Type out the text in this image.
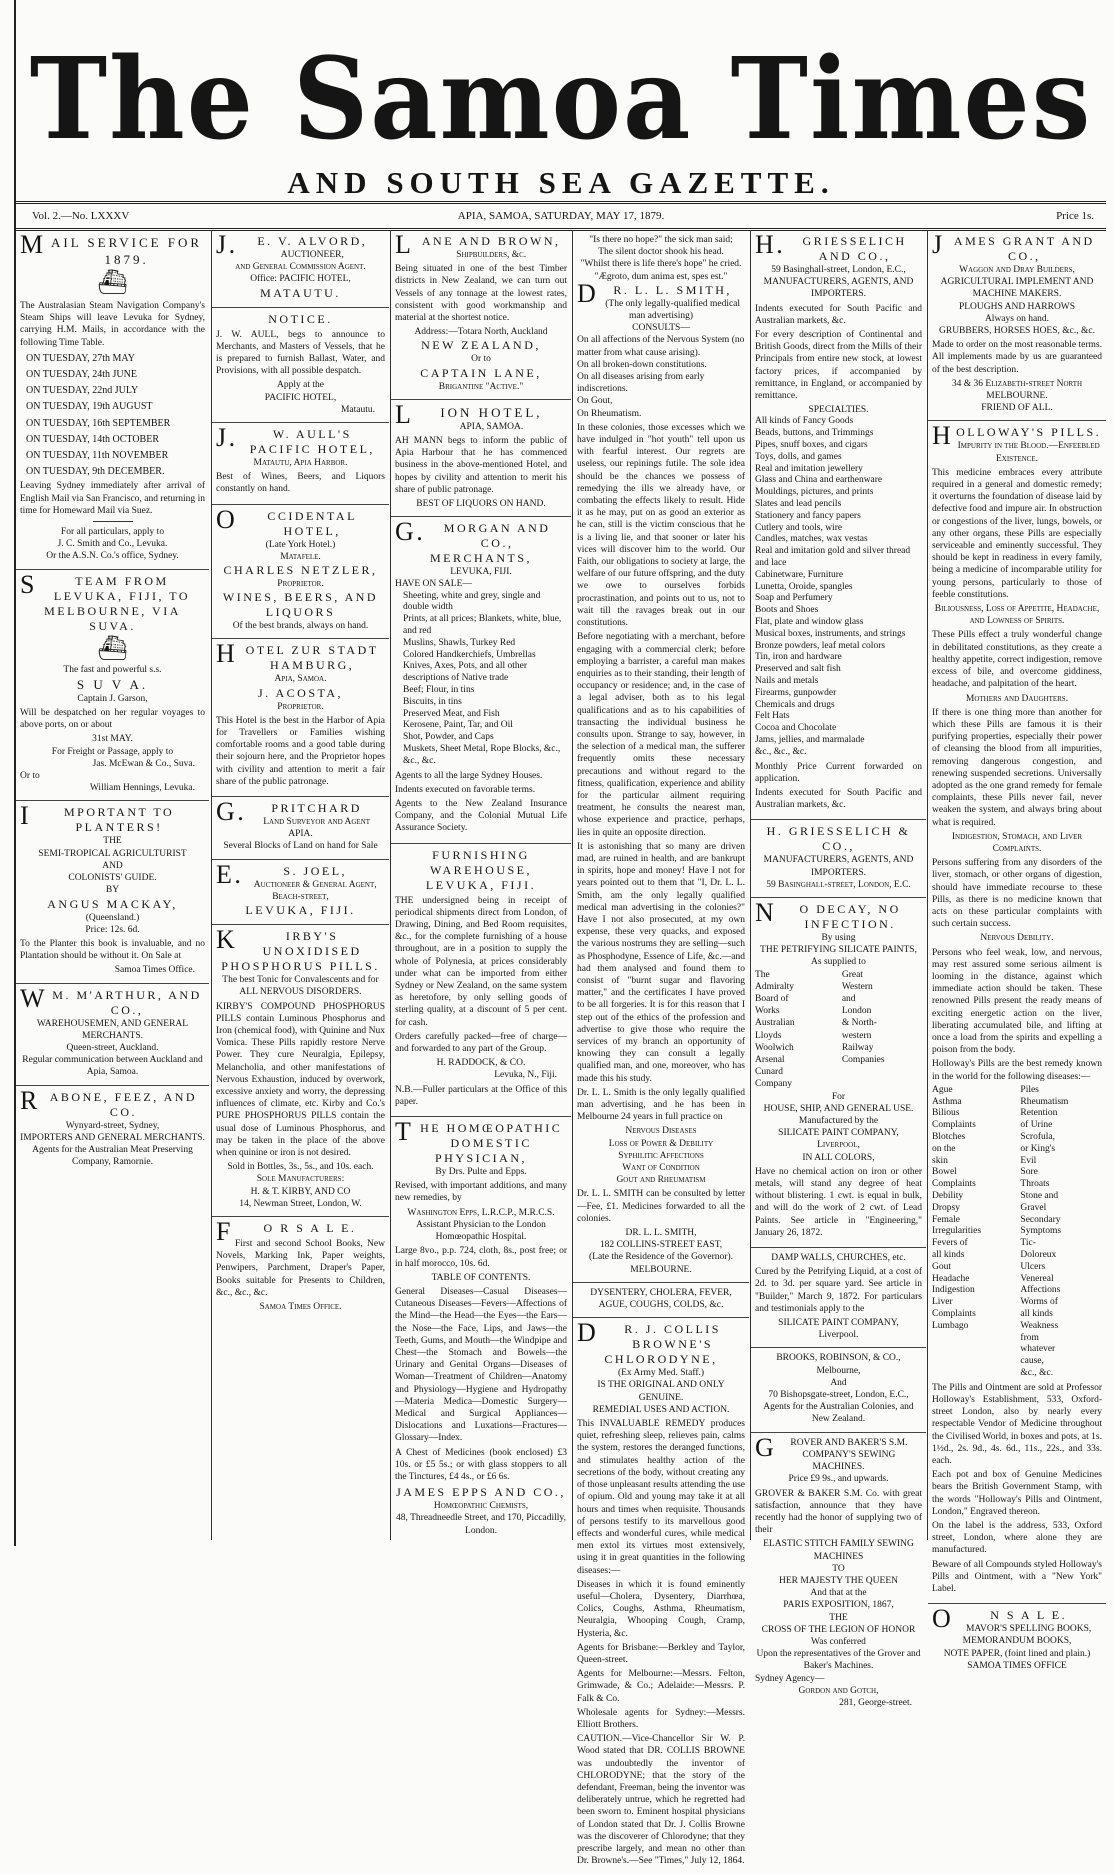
The Samoa Times
AND SOUTH SEA GAZETTE.
Vol. 2.—No. LXXXV	APIA, SAMOA, SATURDAY, MAY 17, 1879.	Price 1s.
MAIL SERVICE FOR 1879.
⛴

The Australasian Steam Navigation Company's Steam Ships will leave Levuka for Sydney, carrying H.M. Mails, in accordance with the following Time Table.

ON TUESDAY, 27th MAY
ON TUESDAY, 24th JUNE
ON TUESDAY, 22nd JULY
ON TUESDAY, 19th AUGUST
ON TUESDAY, 16th SEPTEMBER
ON TUESDAY, 14th OCTOBER
ON TUESDAY, 11th NOVEMBER
ON TUESDAY, 9th DECEMBER.

Leaving Sydney immediately after arrival of English Mail via San Francisco, and returning in time for Homeward Mail via Suez.

For all particulars, apply to
J. C. Smith and Co., Levuka.
Or the A.S.N. Co.'s office, Sydney.
STEAM FROM LEVUKA, FIJI, TO MELBOURNE, VIA SUVA.
⛴
The fast and powerful s.s.
S U V A.
Captain J. Garson,

Will be despatched on her regular voyages to above ports, on or about

31st MAY.
For Freight or Passage, apply to
Jas. McEwan & Co., Suva.
Or to
William Hennings, Levuka.
IMPORTANT TO PLANTERS!
THE
SEMI-TROPICAL AGRICULTURIST
AND
COLONISTS' GUIDE.
BY
ANGUS MACKAY,
(Queensland.)
Price: 12s. 6d.

To the Planter this book is invaluable, and no Plantation should be without it. On Sale at

Samoa Times Office.
WM. M'ARTHUR, AND CO.,
WAREHOUSEMEN, AND GENERAL MERCHANTS.
Queen-street, Auckland.
Regular communication between Auckland and Apia, Samoa.
RABONE, FEEZ, AND CO.
Wynyard-street, Sydney,
IMPORTERS AND GENERAL MERCHANTS.
Agents for the Australian Meat Preserving Company, Ramornie.
J.E. V. ALVORD,
AUCTIONEER,
and General Commission Agent.
Office: PACIFIC HOTEL,
MATAUTU.
NOTICE.

J. W. AULL, begs to announce to Merchants, and Masters of Vessels, that he is prepared to furnish Ballast, Water, and Provisions, with all possible despatch.

Apply at the
PACIFIC HOTEL,
Matautu.
J.W. AULL'S
PACIFIC HOTEL,
Matautu, Apia Harbor.

Best of Wines, Beers, and Liquors constantly on hand.

OCCIDENTAL HOTEL,
(Late York Hotel.)
Matafele.
CHARLES NETZLER,
Proprietor.
WINES, BEERS, AND LIQUORS
Of the best brands, always on hand.
HOTEL ZUR STADT HAMBURG,
Apia, Samoa.
J. ACOSTA,
Proprietor.

This Hotel is the best in the Harbor of Apia for Travellers or Families wishing comfortable rooms and a good table during their sojourn here, and the Proprietor hopes with civility and attention to merit a fair share of the public patronage.

G.PRITCHARD
Land Surveyor and Agent
APIA.
Several Blocks of Land on hand for Sale
E.S. JOEL,
Auctioneer & General Agent,
Beach-street,
LEVUKA, FIJI.
KIRBY'S UNOXIDISED PHOSPHORUS PILLS.
The best Tonic for Convalescents and for
ALL NERVOUS DISORDERS.

KIRBY'S COMPOUND PHOSPHORUS PILLS contain Luminous Phosphorus and Iron (chemical food), with Quinine and Nux Vomica. These Pills rapidly restore Nerve Power. They cure Neuralgia, Epilepsy, Melancholia, and other manifestations of Nervous Exhaustion, induced by overwork, excessive anxiety and worry, the depressing influences of climate, etc. Kirby and Co.'s PURE PHOSPHORUS PILLS contain the usual dose of Luminous Phosphorus, and may be taken in the place of the above when quinine or iron is not desired.

Sold in Bottles, 3s., 5s., and 10s. each.
Sole Manufacturers:
H. & T. KIRBY, AND CO
14, Newman Street, London, W.
FO R S A L E.

First and second School Books, New Novels, Marking Ink, Paper weights, Penwipers, Parchment, Draper's Paper, Books suitable for Presents to Children, &c., &c., &c.

Samoa Times Office.
LANE AND BROWN,
Shipbuilders, &c.

Being situated in one of the best Timber districts in New Zealand, we can turn out Vessels of any tonnage at the lowest rates, consistent with good workmanship and material at the shortest notice.

Address:—Totara North, Auckland
NEW ZEALAND,
Or to
CAPTAIN LANE,
Brigantine "Active."
LION HOTEL,
APIA, SAMOA.

AH MANN begs to inform the public of Apia Harbour that he has commenced business in the above-mentioned Hotel, and hopes by civility and attention to merit his share of public patronage.

BEST OF LIQUORS ON HAND.
G.MORGAN AND CO.,
MERCHANTS,
LEVUKA, FIJI.
HAVE ON SALE—
Sheeting, white and grey, single and double width
Prints, at all prices; Blankets, white, blue, and red
Muslins, Shawls, Turkey Red
Colored Handkerchiefs, Umbrellas
Knives, Axes, Pots, and all other descriptions of Native trade
Beef; Flour, in tins
Biscuits, in tins
Preserved Meat, and Fish
Kerosene, Paint, Tar, and Oil
Shot, Powder, and Caps
Muskets, Sheet Metal, Rope Blocks, &c., &c., &c.

Agents to all the large Sydney Houses.

Indents executed on favorable terms.

Agents to the New Zealand Insurance Company, and the Colonial Mutual Life Assurance Society.

FURNISHING WAREHOUSE,
LEVUKA, FIJI.

THE undersigned being in receipt of periodical shipments direct from London, of Drawing, Dining, and Bed Room requisites, &c., for the complete furnishing of a house throughout, are in a position to supply the whole of Polynesia, at prices considerably under what can be imported from either Sydney or New Zealand, on the same system as heretofore, by only selling goods of sterling quality, at a discount of 5 per cent. for cash.

Orders carefully packed—free of charge—and forwarded to any part of the Group.

H. RADDOCK, & CO.
Levuka, N., Fiji.

N.B.—Fuller particulars at the Office of this paper.

THE HOMŒOPATHIC DOMESTIC PHYSICIAN,
By Drs. Pulte and Epps.

Revised, with important additions, and many new remedies, by

Washington Epps, L.R.C.P., M.R.C.S.
Assistant Physician to the London Homœopathic Hospital.

Large 8vo., p.p. 724, cloth, 8s., post free; or in half morocco, 10s. 6d.

TABLE OF CONTENTS.

General Diseases—Casual Diseases—Cutaneous Diseases—Fevers—Affections of the Mind—the Head—the Eyes—the Ears—the Nose—the Face, Lips, and Jaws—the Teeth, Gums, and Mouth—the Windpipe and Chest—the Stomach and Bowels—the Urinary and Genital Organs—Diseases of Woman—Treatment of Children—Anatomy and Physiology—Hygiene and Hydropathy—Materia Medica—Domestic Surgery—Medical and Surgical Appliances—Dislocations and Luxations—Fractures—Glossary—Index.

A Chest of Medicines (book enclosed) £3 10s. or £5 5s.; or with glass stoppers to all the Tinctures, £4 4s., or £6 6s.

JAMES EPPS AND CO.,
Homœopathic Chemists,
48, Threadneedle Street, and 170, Piccadilly, London.
"Is there no hope?" the sick man said;
The silent doctor shook his head.
"Whilst there is life there's hope" he cried.
"Ægroto, dum anima est, spes est."
DR. L. L. SMITH,
(The only legally-qualified medical man advertising)
CONSULTS—
On all affections of the Nervous System (no matter from what cause arising).
On all broken-down constitutions.
On all diseases arising from early indiscretions.
On Gout,
On Rheumatism.

In these colonies, those excesses which we have indulged in "hot youth" tell upon us with fearful interest. Our regrets are useless, our repinings futile. The sole idea should be the chances we possess of remedying the ills we already have, or combating the effects likely to result. Hide it as he may, put on as good an exterior as he can, still is the victim conscious that he is a living lie, and that sooner or later his vices will discover him to the world. Our Faith, our obligations to society at large, the welfare of our future offspring, and the duty we owe to ourselves forbids procrastination, and points out to us, not to wait till the ravages break out in our constitutions.

Before negotiating with a merchant, before engaging with a commercial clerk; before employing a barrister, a careful man makes enquiries as to their standing, their length of occupancy or residence; and, in the case of a legal adviser, both as to his legal qualifications and as to his capabilities of transacting the individual business he consults upon. Strange to say, however, in the selection of a medical man, the sufferer frequently omits these necessary precautions and without regard to the fitness, qualification, experience and ability for the particular ailment requiring treatment, he consults the nearest man, whose experience and practice, perhaps, lies in quite an opposite direction.

It is astonishing that so many are driven mad, are ruined in health, and are bankrupt in spirits, hope and money! Have I not for years pointed out to them that "I, Dr. L. L. Smith, am the only legally qualified medical man advertising in the colonies?" Have I not also prosecuted, at my own expense, these very quacks, and exposed the various nostrums they are selling—such as Phosphodyne, Essence of Life, &c.—and had them analysed and found them to consist of "burnt sugar and flavoring matter," and the certificates I have proved to be all forgeries. It is for this reason that I step out of the ethics of the profession and advertise to give those who require the services of my branch an opportunity of knowing they can consult a legally qualified man, and one, moreover, who has made this his study.

Dr. L. L. Smith is the only legally qualified man advertising, and he has been in Melbourne 24 years in full practice on

Nervous Diseases
Loss of Power & Debility
Syphilitic Affections
Want of Condition
Gout and Rheumatism

Dr. L. L. SMITH can be consulted by letter—Fee, £1. Medicines forwarded to all the colonies.

DR. L. L. SMITH,
182 COLLINS-STREET EAST,
(Late the Residence of the Governor).
MELBOURNE.
DYSENTERY, CHOLERA, FEVER,
AGUE, COUGHS, COLDS, &c.
DR. J. COLLIS BROWNE'S CHLORODYNE,
(Ex Army Med. Staff.)
IS THE ORIGINAL AND ONLY GENUINE.
REMEDIAL USES AND ACTION.

This INVALUABLE REMEDY produces quiet, refreshing sleep, relieves pain, calms the system, restores the deranged functions, and stimulates healthy action of the secretions of the body, without creating any of those unpleasant results attending the use of opium. Old and young may take it at all hours and times when requisite. Thousands of persons testify to its marvellous good effects and wonderful cures, while medical men extol its virtues most extensively, using it in great quantities in the following diseases:—

Diseases in which it is found eminently useful—Cholera, Dysentery, Diarrhœa, Colics, Coughs, Asthma, Rheumatism, Neuralgia, Whooping Cough, Cramp, Hysteria, &c.

Agents for Brisbane:—Berkley and Taylor, Queen-street.

Agents for Melbourne:—Messrs. Felton, Grimwade, & Co.; Adelaide:—Messrs. P. Falk & Co.

Wholesale agents for Sydney:—Messrs. Elliott Brothers.

CAUTION.—Vice-Chancellor Sir W. P. Wood stated that DR. COLLIS BROWNE was undoubtedly the inventor of CHLORODYNE; that the story of the defendant, Freeman, being the inventor was deliberately untrue, which he regretted had been sworn to. Eminent hospital physicians of London stated that Dr. J. Collis Browne was the discoverer of Chlorodyne; that they prescribe largely, and mean no other than Dr. Browne's.—See "Times," July 12, 1864.

H.GRIESSELICH AND CO.,
59 Basinghall-street, London, E.C.,
MANUFACTURERS, AGENTS, AND IMPORTERS.

Indents executed for South Pacific and Australian markets, &c.

For every description of Continental and British Goods, direct from the Mills of their Principals from entire new stock, at lowest factory prices, if accompanied by remittance, in England, or accompanied by remittance.

SPECIALTIES.
All kinds of Fancy Goods
Beads, buttons, and Trimmings
Pipes, snuff boxes, and cigars
Toys, dolls, and games
Real and imitation jewellery
Glass and China and earthenware
Mouldings, pictures, and prints
Slates and lead pencils
Stationery and fancy papers
Cutlery and tools, wire
Candles, matches, wax vestas
Real and imitation gold and silver thread and lace
Cabinetware, Furniture
Lunetta, Oroide, spangles
Soap and Perfumery
Boots and Shoes
Flat, plate and window glass
Musical boxes, instruments, and strings
Bronze powders, leaf metal colors
Tin, iron and hardware
Preserved and salt fish
Nails and metals
Firearms, gunpowder
Chemicals and drugs
Felt Hats
Cocoa and Chocolate
Jams, jellies, and marmalade
&c., &c., &c.

Monthly Price Current forwarded on application.

Indents executed for South Pacific and Australian markets, &c.

H. GRIESSELICH & CO.,
MANUFACTURERS, AGENTS, AND IMPORTERS.
59 Basinghall-street, London, E.C.
NO DECAY, NO INFECTION.
By using
THE PETRIFYING SILICATE PAINTS,
As supplied to
The Admiralty
Board of Works
Australian Lloyds
Woolwich Arsenal
Cunard Company
Great Western and
London & North-
western Railway
Companies
For
HOUSE, SHIP, AND GENERAL USE.
Manufactured by the
SILICATE PAINT COMPANY,
Liverpool,
IN ALL COLORS,

Have no chemical action on iron or other metals, will stand any degree of heat without blistering. 1 cwt. is equal in bulk, and will do the work of 2 cwt. of Lead Paints. See article in "Engineering," January 26, 1872.

DAMP WALLS, CHURCHES, etc.

Cured by the Petrifying Liquid, at a cost of 2d. to 3d. per square yard. See article in "Builder," March 9, 1872. For particulars and testimonials apply to the

SILICATE PAINT COMPANY,
Liverpool.
BROOKS, ROBINSON, & CO.,
Melbourne,
And
70 Bishopsgate-street, London, E.C.,
Agents for the Australian Colonies, and New Zealand.
GROVER AND BAKER'S S.M. COMPANY'S SEWING MACHINES.
Price £9 9s., and upwards.

GROVER & BAKER S.M. Co. with great satisfaction, announce that they have recently had the honor of supplying two of their

ELASTIC STITCH FAMILY SEWING MACHINES
TO
HER MAJESTY THE QUEEN
And that at the
PARIS EXPOSITION, 1867,
THE
CROSS OF THE LEGION OF HONOR
Was conferred
Upon the representatives of the Grover and Baker's Machines.
Sydney Agency—
Gordon and Gotch,
281, George-street.
JAMES GRANT AND CO.,
Waggon and Dray Builders,
AGRICULTURAL IMPLEMENT AND MACHINE MAKERS.
PLOUGHS AND HARROWS
Always on hand.
GRUBBERS, HORSES HOES, &c., &c.

Made to order on the most reasonable terms. All implements made by us are guaranteed of the best description.

34 & 36 Elizabeth-street North
MELBOURNE.
FRIEND OF ALL.
HOLLOWAY'S PILLS.
Impurity in the Blood.—Enfeebled Existence.

This medicine embraces every attribute required in a general and domestic remedy; it overturns the foundation of disease laid by defective food and impure air. In obstruction or congestions of the liver, lungs, bowels, or any other organs, these Pills are especially serviceable and eminently successful. They should be kept in readiness in every family, being a medicine of incomparable utility for young persons, particularly to those of feeble constitutions.

Biliousness, Loss of Appetite, Headache, and Lowness of Spirits.

These Pills effect a truly wonderful change in debilitated constitutions, as they create a healthy appetite, correct indigestion, remove excess of bile, and overcome giddiness, headache, and palpitation of the heart.

Mothers and Daughters.

If there is one thing more than another for which these Pills are famous it is their purifying properties, especially their power of cleansing the blood from all impurities, removing dangerous congestion, and renewing suspended secretions. Universally adopted as the one grand remedy for female complaints, these Pills never fail, never weaken the system, and always bring about what is required.

Indigestion, Stomach, and Liver Complaints.

Persons suffering from any disorders of the liver, stomach, or other organs of digestion, should have immediate recourse to these Pills, as there is no medicine known that acts on these particular complaints with such certain success.

Nervous Debility.

Persons who feel weak, low, and nervous, may rest assured some serious ailment is looming in the distance, against which immediate action should be taken. These renowned Pills present the ready means of exciting energetic action on the liver, liberating accumulated bile, and lifting at once a load from the spirits and expelling a poison from the body.

Holloway's Pills are the best remedy known in the world for the following diseases:—

Ague
Asthma
Bilious Complaints
Blotches on the skin
Bowel Complaints
Debility
Dropsy
Female Irregularities
Fevers of all kinds
Gout
Headache
Indigestion
Liver Complaints
Lumbago
Piles
Rheumatism
Retention of Urine
Scrofula, or King's Evil
Sore Throats
Stone and Gravel
Secondary Symptoms
Tic-Doloreux
Ulcers
Venereal Affections
Worms of all kinds
Weakness from whatever cause, &c., &c.

The Pills and Ointment are sold at Professor Holloway's Establishment, 533, Oxford-street London, also by nearly every respectable Vendor of Medicine throughout the Civilised World, in boxes and pots, at 1s. 1½d., 2s. 9d., 4s. 6d., 11s., 22s., and 33s. each.

Each pot and box of Genuine Medicines bears the British Government Stamp, with the words "Holloway's Pills and Ointment, London," Engraved thereon.

On the label is the address, 533, Oxford street, London, where alone they are manufactured.

Beware of all Compounds styled Holloway's Pills and Ointment, with a "New York" Label.

ON S A L E.
MAVOR'S SPELLING BOOKS,
MEMORANDUM BOOKS,
NOTE PAPER, (foint lined and plain.)
SAMOA TIMES OFFICE
